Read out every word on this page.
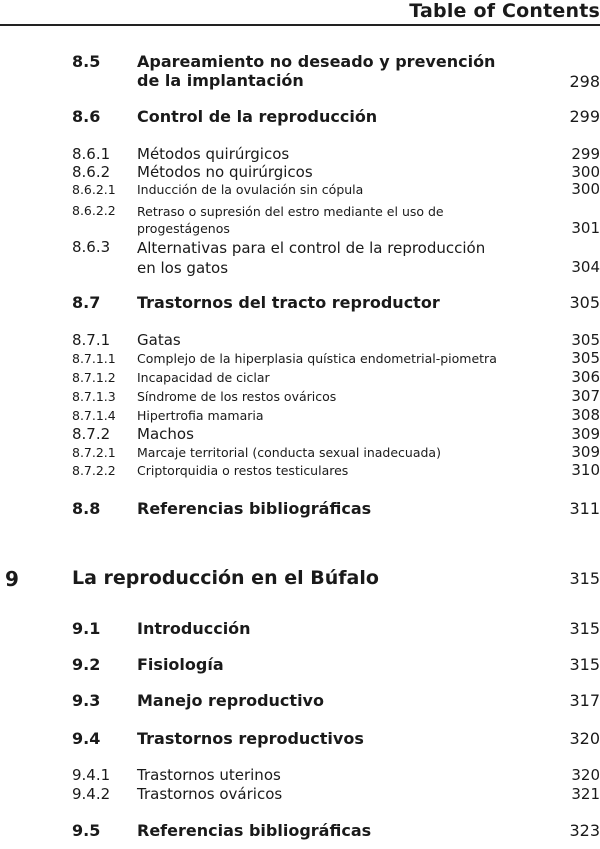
Table of Contents
8.5 Apareamiento no deseado y prevención
de la implantación	298
8.6 Control de la reproducción	299
8.6.1 Métodos quirúrgicos	299
8.6.2 Métodos no quirúrgicos	300
8.6.2.1 Inducción de la ovulación sin cópula	300
8.6.2.2 Retraso o supresión del estro mediante el uso de
progestágenos	301
8.6.3 Alternativas para el control de la reproducción
en los gatos	304
8.7 Trastornos del tracto reproductor	305
8.7.1 Gatas	305
8.7.1.1 Complejo de la hiperplasia quística endometrial-piometra	305
8.7.1.2 Incapacidad de ciclar	306
8.7.1.3 Síndrome de los restos ováricos	307
8.7.1.4 Hipertrofia mamaria	308
8.7.2 Machos	309
8.7.2.1 Marcaje territorial (conducta sexual inadecuada)	309
8.7.2.2 Criptorquidia o restos testiculares	310
8.8 Referencias bibliográficas	311
9	La reproducción en el Búfalo	315
9.1 Introducción	315
9.2 Fisiología	315
9.3 Manejo reproductivo	317
9.4 Trastornos reproductivos	320
9.4.1 Trastornos uterinos	320
9.4.2 Trastornos ováricos	321
9.5 Referencias bibliográficas	323
